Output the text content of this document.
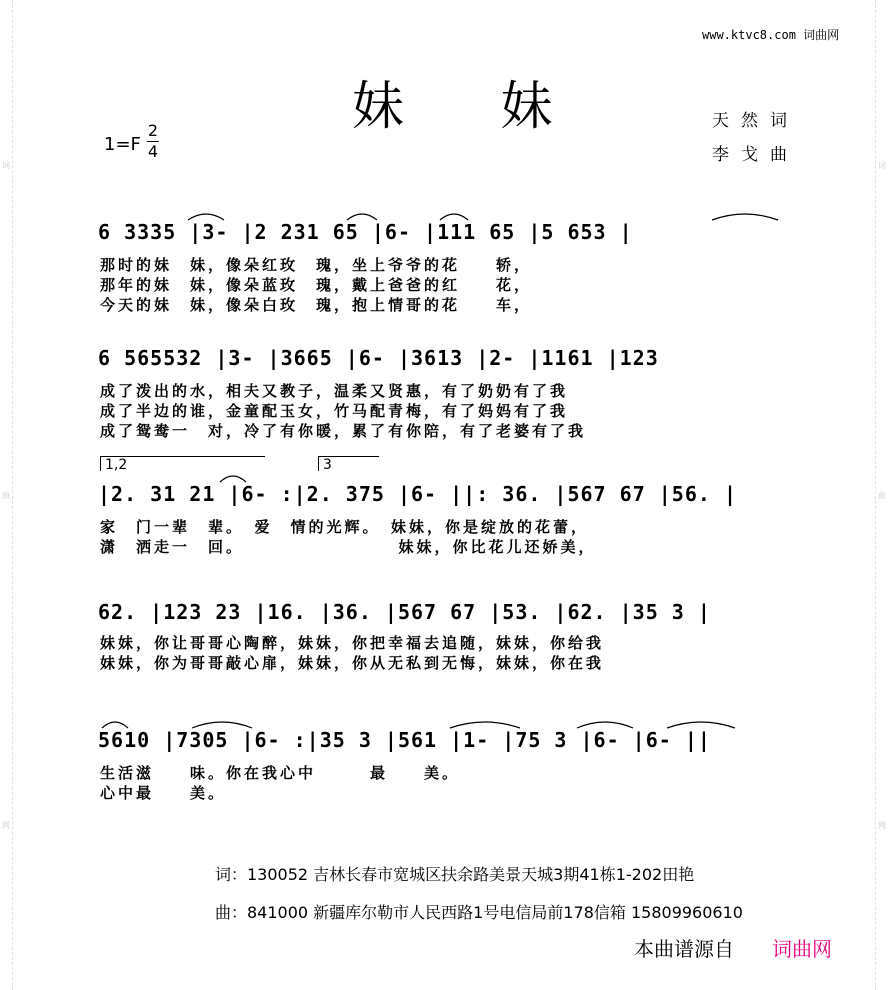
词
曲
网
词
曲
网
www.ktvc8.com 词曲网
妹 妹
1=F
2
4
天然词
李戈曲
6 3335 |3- |2 231 65 |6- |111 65 |5 653 |
那时的妹　妹，像朵红玫　瑰，坐上爷爷的花　　轿，
那年的妹　妹，像朵蓝玫　瑰，戴上爸爸的红　　花，
今天的妹　妹，像朵白玫　瑰，抱上情哥的花　　车，
6 565532 |3- |3665 |6- |3613 |2- |1161 |123
成了泼出的水，相夫又教子，温柔又贤惠，有了奶奶有了我
成了半边的谁，金童配玉女，竹马配青梅，有了妈妈有了我
成了鸳鸯一　对，冷了有你暖，累了有你陪，有了老婆有了我
1,2	3
|2. 31 21 |6- :|2. 375 |6- ||: 36. |567 67 |56. |
家　门一辈　辈。　爱　情的光辉。　妹妹，你是绽放的花蕾，
潇　洒走一　回。　　　　　　　　　妹妹，你比花儿还娇美，
62. |123 23 |16. |36. |567 67 |53. |62. |35 3 |
妹妹，你让哥哥心陶醉，妹妹，你把幸福去追随，妹妹，你给我
妹妹，你为哥哥敲心扉，妹妹，你从无私到无悔，妹妹，你在我
5610 |7305 |6- :|35 3 |561 |1- |75 3 |6- |6- ||
生活滋　　味。你在我心中　　　最　　美。
心中最　　美。
词：130052 吉林长春市宽城区扶余路美景天城3期41栋1-202田艳
曲：841000 新疆库尔勒市人民西路1号电信局前178信箱 15809960610
本曲谱源自 词曲网
